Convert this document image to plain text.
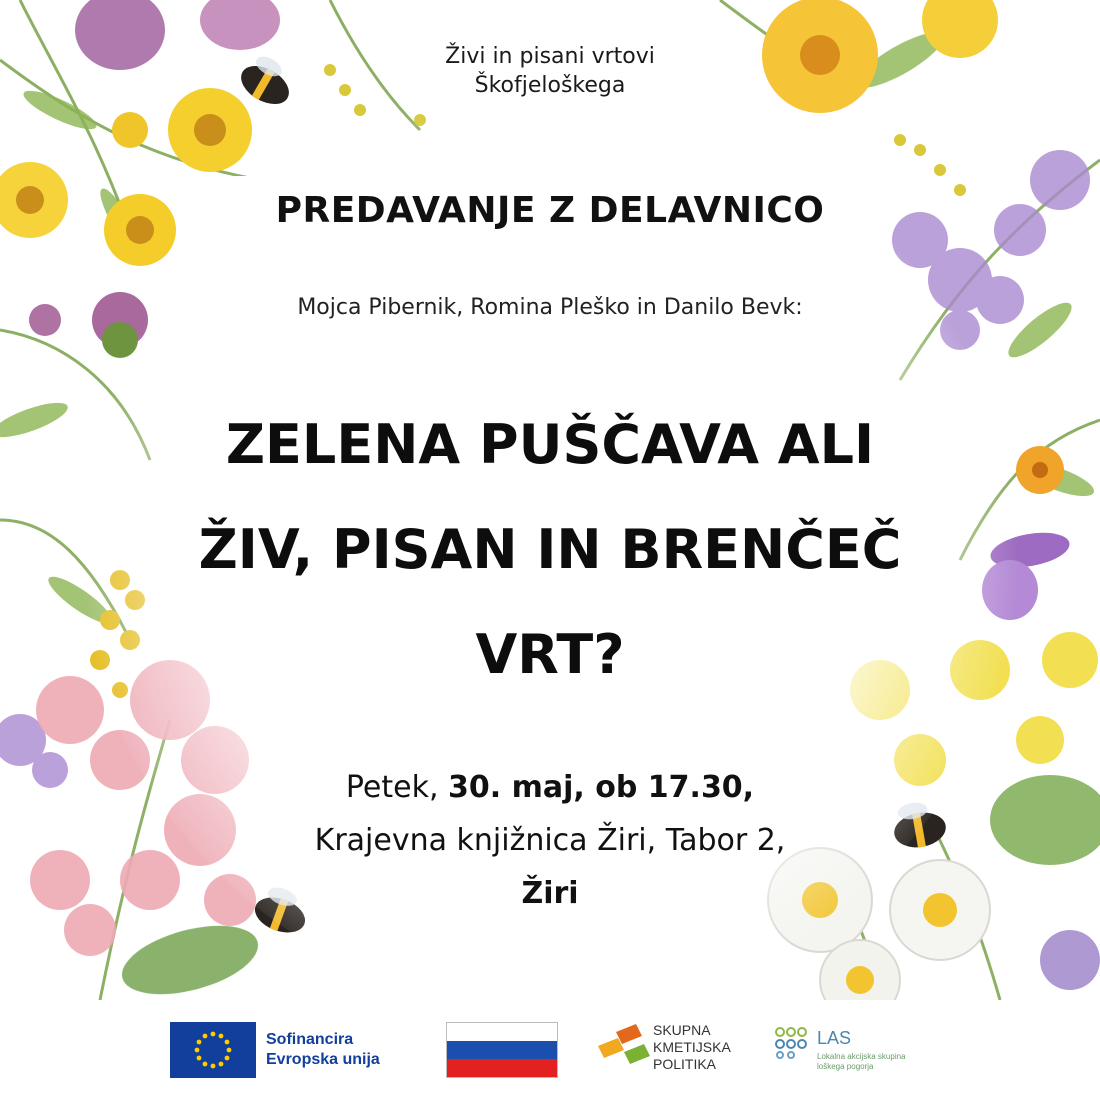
Živi in pisani vrtovi
Škofjeloškega
PREDAVANJE Z DELAVNICO
Mojca Pibernik, Romina Pleško in Danilo Bevk:
ZELENA PUŠČAVA ALI
ŽIV, PISAN IN BRENČEČ
VRT?
Petek, 30. maj, ob 17.30,
Krajevna knjižnica Žiri, Tabor 2,
Žiri
Sofinancira
Evropska unija
SKUPNA
KMETIJSKA
POLITIKA
LAS
Lokalna akcijska skupina
loškega pogorja
